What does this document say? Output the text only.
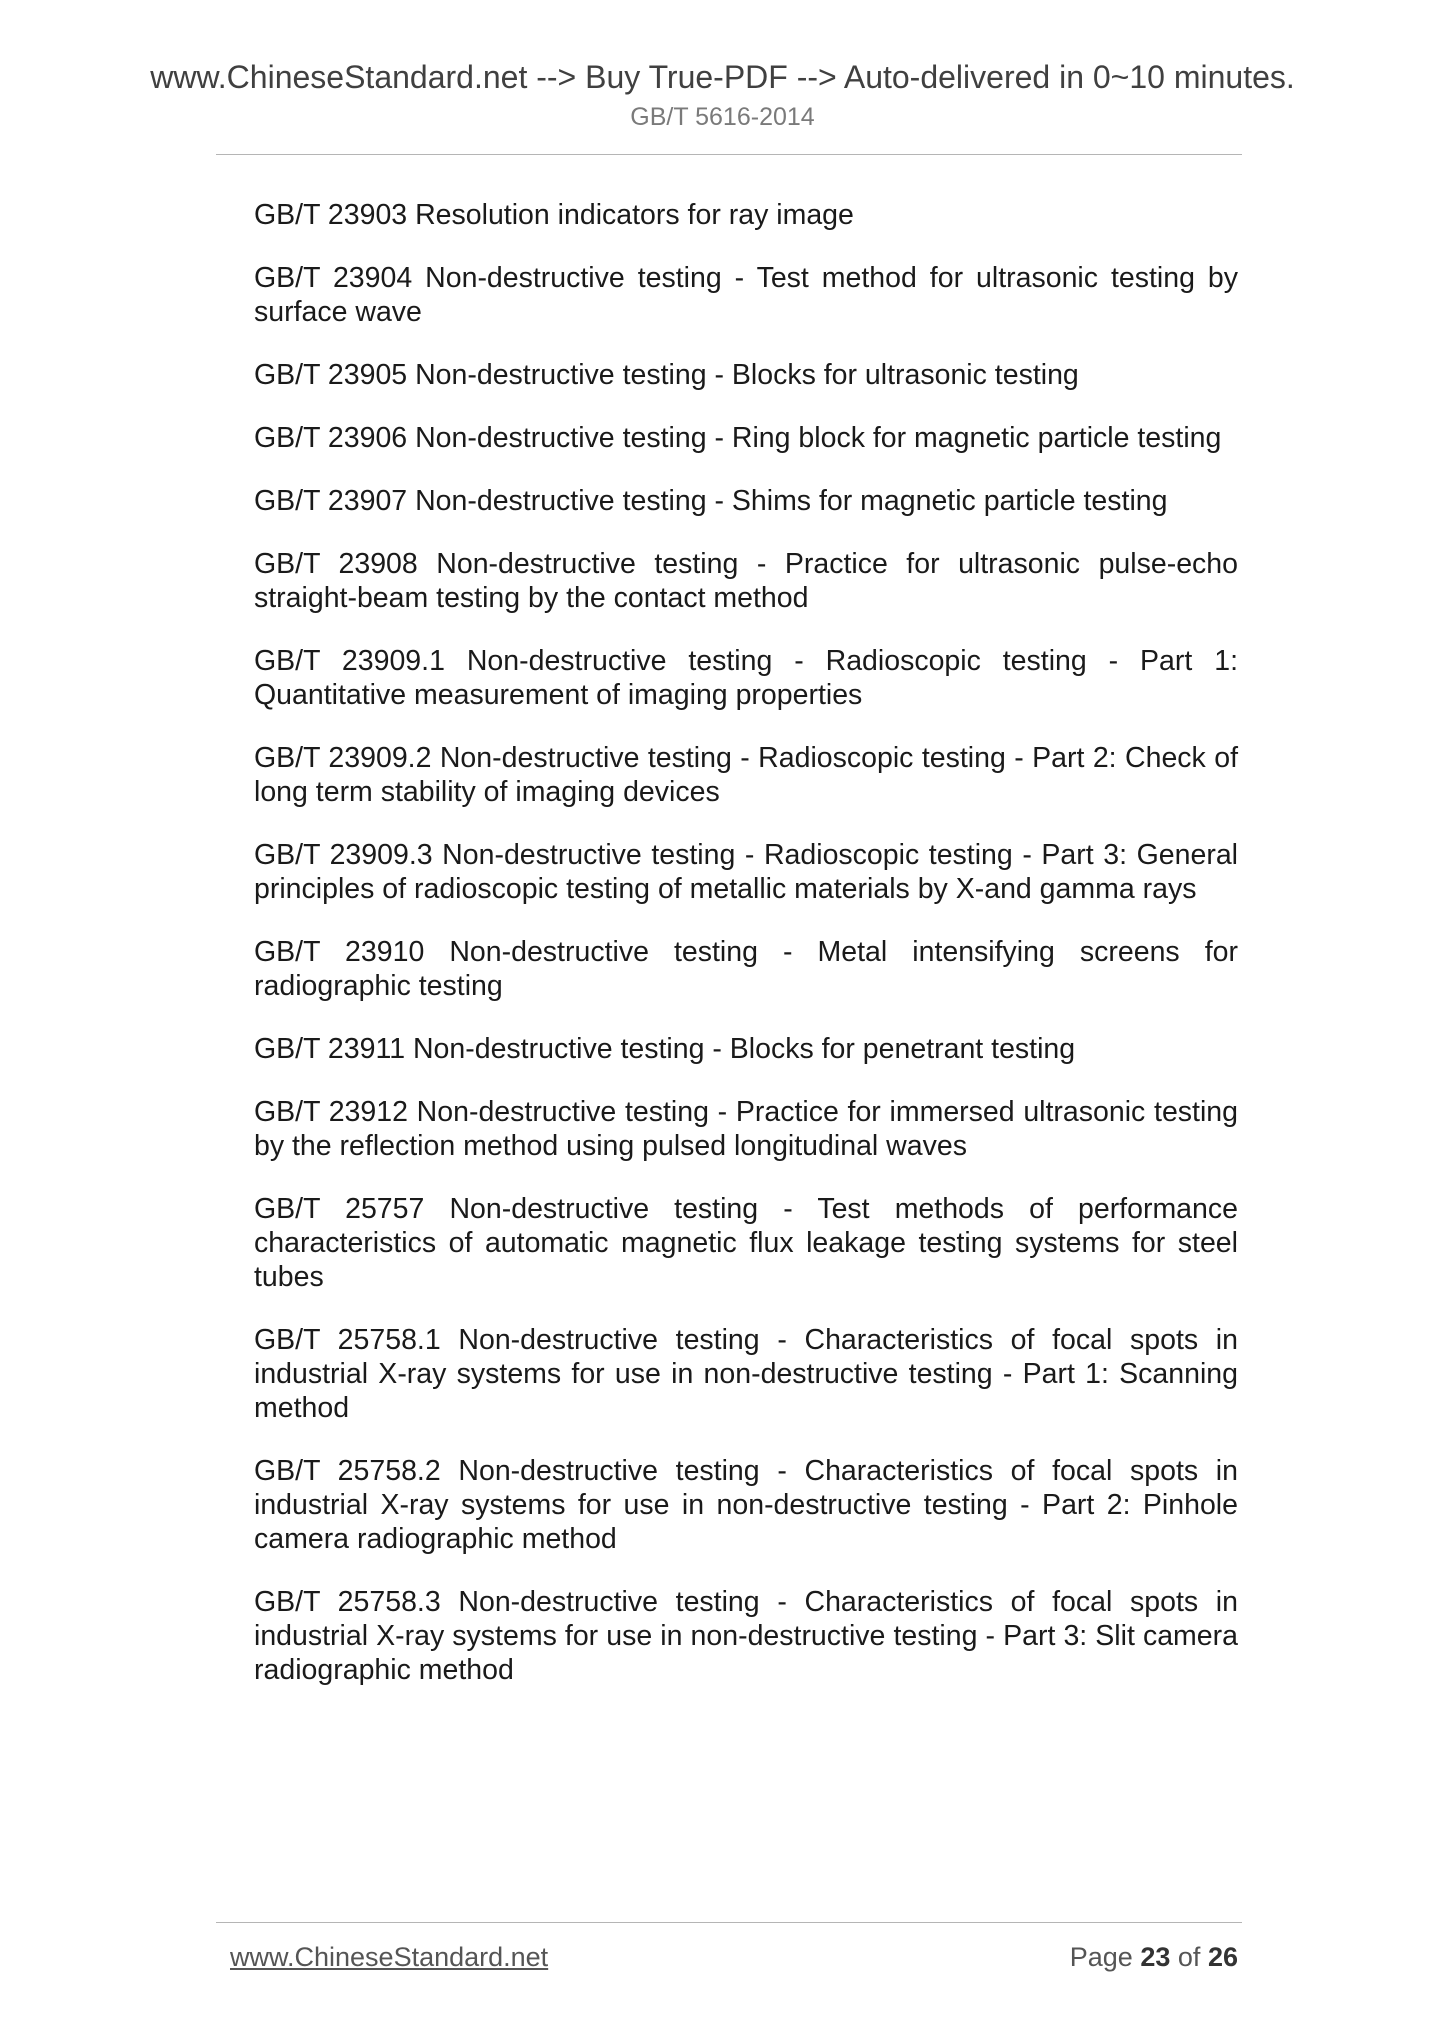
www.ChineseStandard.net --> Buy True-PDF --> Auto-delivered in 0~10 minutes.
GB/T 5616-2014

GB/T 23903 Resolution indicators for ray image

GB/T 23904 Non-destructive testing - Test method for ultrasonic testing by surface wave

GB/T 23905 Non-destructive testing - Blocks for ultrasonic testing

GB/T 23906 Non-destructive testing - Ring block for magnetic particle testing

GB/T 23907 Non-destructive testing - Shims for magnetic particle testing

GB/T 23908 Non-destructive testing - Practice for ultrasonic pulse-echo straight-beam testing by the contact method

GB/T 23909.1 Non-destructive testing - Radioscopic testing - Part 1: Quantitative measurement of imaging properties

GB/T 23909.2 Non-destructive testing - Radioscopic testing - Part 2: Check of long term stability of imaging devices

GB/T 23909.3 Non-destructive testing - Radioscopic testing - Part 3: General principles of radioscopic testing of metallic materials by X-and gamma rays

GB/T 23910 Non-destructive testing - Metal intensifying screens for radiographic testing

GB/T 23911 Non-destructive testing - Blocks for penetrant testing

GB/T 23912 Non-destructive testing - Practice for immersed ultrasonic testing by the reflection method using pulsed longitudinal waves

GB/T 25757 Non-destructive testing - Test methods of performance characteristics of automatic magnetic flux leakage testing systems for steel tubes

GB/T 25758.1 Non-destructive testing - Characteristics of focal spots in industrial X-ray systems for use in non-destructive testing - Part 1: Scanning method

GB/T 25758.2 Non-destructive testing - Characteristics of focal spots in industrial X-ray systems for use in non-destructive testing - Part 2: Pinhole camera radiographic method

GB/T 25758.3 Non-destructive testing - Characteristics of focal spots in industrial X-ray systems for use in non-destructive testing - Part 3: Slit camera radiographic method

www.ChineseStandard.net	Page 23 of 26
